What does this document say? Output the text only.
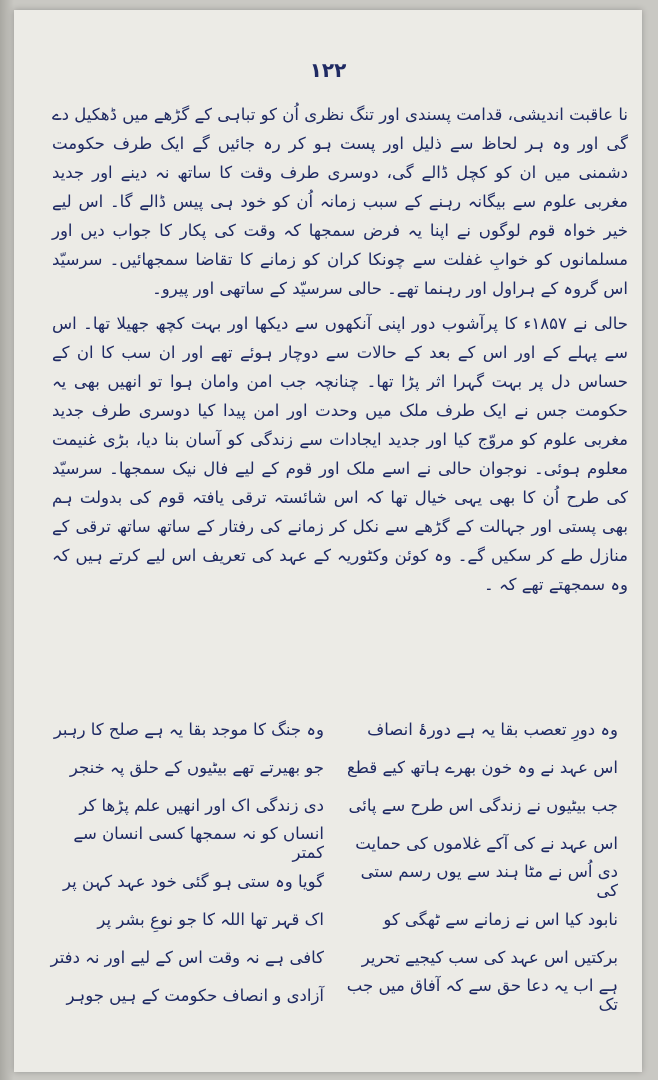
۱۲۲

نا عاقبت اندیشی، قدامت پسندی اور تنگ نظری اُن کو تباہی کے گڑھے میں ڈھکیل دے گی اور وہ ہر لحاظ سے ذلیل اور پست ہو کر رہ جائیں گے ایک طرف حکومت دشمنی میں ان کو کچل ڈالے گی، دوسری طرف وقت کا ساتھ نہ دینے اور جدید مغربی علوم سے بیگانہ رہنے کے سبب زمانہ اُن کو خود ہی پیس ڈالے گا۔ اس لیے خیر خواہ قوم لوگوں نے اپنا یہ فرض سمجھا کہ وقت کی پکار کا جواب دیں اور مسلمانوں کو خوابِ غفلت سے چونکا کران کو زمانے کا تقاضا سمجھائیں۔ سرسیّد اس گروہ کے ہراول اور رہنما تھے۔ حالی سرسیّد کے ساتھی اور پیرو۔

حالی نے ۱۸۵۷ء کا پرآشوب دور اپنی آنکھوں سے دیکھا اور بہت کچھ جھیلا تھا۔ اس سے پہلے کے اور اس کے بعد کے حالات سے دوچار ہوئے تھے اور ان سب کا ان کے حساس دل پر بہت گہرا اثر پڑا تھا۔ چنانچہ جب امن وامان ہوا تو انھیں بھی یہ حکومت جس نے ایک طرف ملک میں وحدت اور امن پیدا کیا دوسری طرف جدید مغربی علوم کو مروّج کیا اور جدید ایجادات سے زندگی کو آسان بنا دیا، بڑی غنیمت معلوم ہوئی۔ نوجوان حالی نے اسے ملک اور قوم کے لیے فال نیک سمجھا۔ سرسیّد کی طرح اُن کا بھی یہی خیال تھا کہ اس شائستہ ترقی یافتہ قوم کی بدولت ہم بھی پستی اور جہالت کے گڑھے سے نکل کر زمانے کی رفتار کے ساتھ ساتھ ترقی کے منازل طے کر سکیں گے۔ وہ کوئن وکٹوریہ کے عہد کی تعریف اس لیے کرتے ہیں کہ وہ سمجھتے تھے کہ ۔

وہ دورِ تعصب بقا یہ ہے دورۂ انصاف
وہ جنگ کا موجد بقا یہ ہے صلح کا رہبر
اس عہد نے وہ خون بھرے ہاتھ کیے قطع
جو بھیرتے تھے بیٹیوں کے حلق پہ خنجر
جب بیٹیوں نے زندگی اس طرح سے پائی
دی زندگی اک اور انھیں علم پڑھا کر
اس عہد نے کی آکے غلاموں کی حمایت
انساں کو نہ سمجھا کسی انسان سے کمتر
دی اُس نے مٹا ہند سے یوں رسم ستی کی
گویا وہ ستی ہو گئی خود عہد کہن پر
نابود کیا اس نے زمانے سے ٹھگی کو
اک قہر تھا اللہ کا جو نوعِ بشر پر
برکتیں اس عہد کی سب کیجیے تحریر
کافی ہے نہ وقت اس کے لیے اور نہ دفتر
ہے اب یہ دعا حق سے کہ آفاق میں جب تک
آزادی و انصاف حکومت کے ہیں جوہر
